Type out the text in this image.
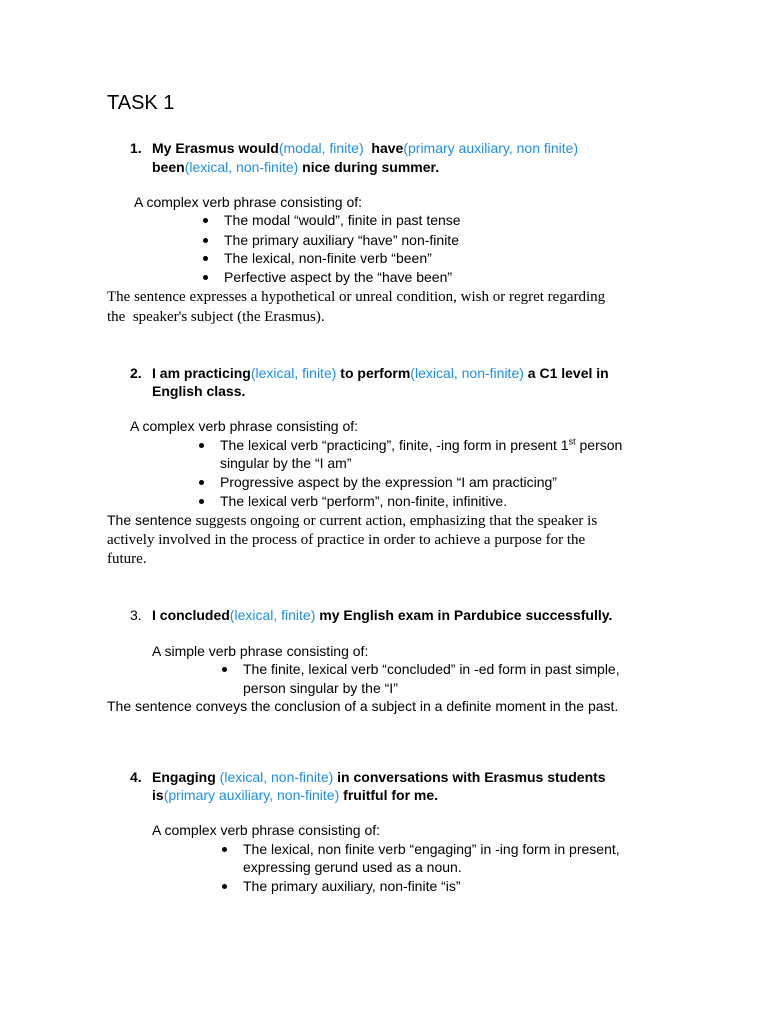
TASK 1
1. My Erasmus would(modal, finite)  have(primary auxiliary, non finite)
been(lexical, non-finite) nice during summer.
A complex verb phrase consisting of:
The modal “would”, finite in past tense
The primary auxiliary “have” non-finite
The lexical, non-finite verb “been”
Perfective aspect by the “have been”
The sentence expresses a hypothetical or unreal condition, wish or regret regarding
the  speaker's subject (the Erasmus).
2. I am practicing(lexical, finite) to perform(lexical, non-finite) a C1 level in
English class.
A complex verb phrase consisting of:
The lexical verb “practicing”, finite, -ing form in present 1st person
singular by the “I am”
Progressive aspect by the expression “I am practicing”
The lexical verb “perform”, non-finite, infinitive.
The sentence suggests ongoing or current action, emphasizing that the speaker is
actively involved in the process of practice in order to achieve a purpose for the
future.
3. I concluded(lexical, finite) my English exam in Pardubice successfully.
A simple verb phrase consisting of:
The finite, lexical verb “concluded” in -ed form in past simple,
person singular by the “I”
The sentence conveys the conclusion of a subject in a definite moment in the past.
4. Engaging (lexical, non-finite) in conversations with Erasmus students
is(primary auxiliary, non-finite) fruitful for me.
A complex verb phrase consisting of:
The lexical, non finite verb “engaging” in -ing form in present,
expressing gerund used as a noun.
The primary auxiliary, non-finite “is”
